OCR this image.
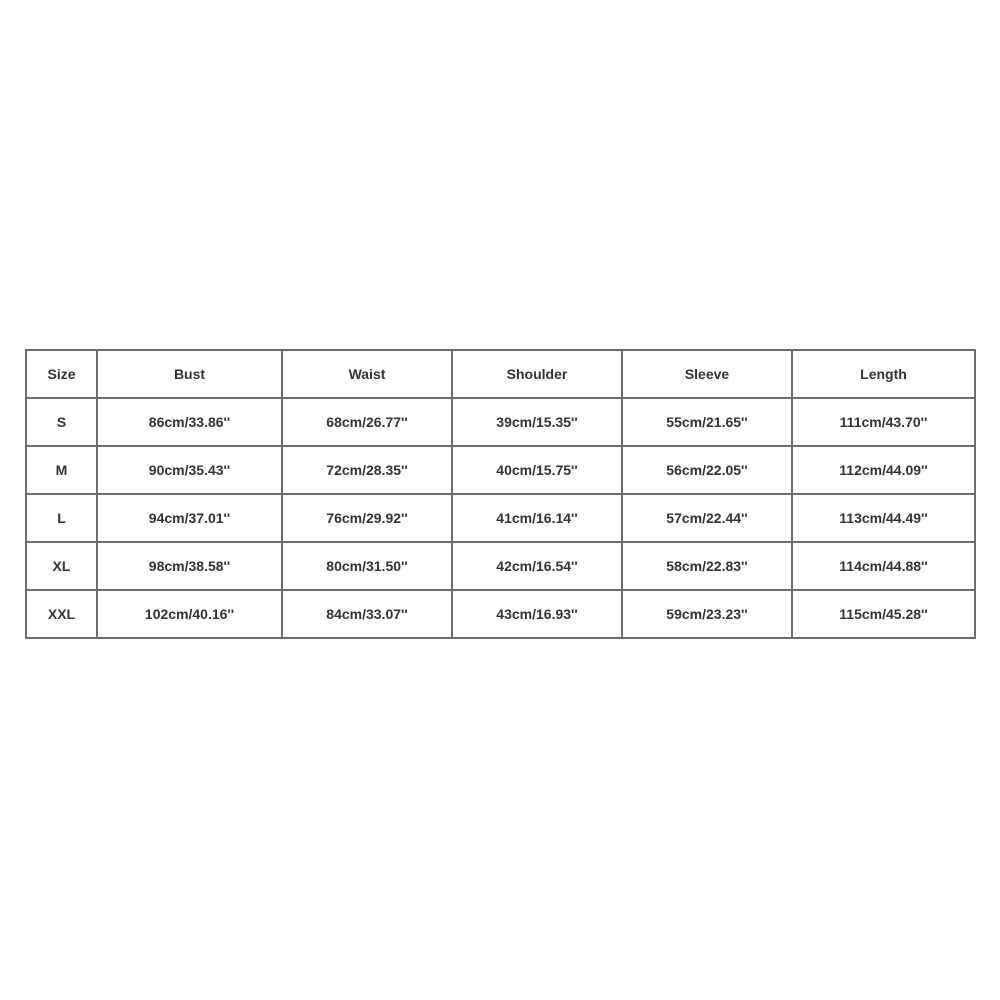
Size	Bust	Waist	Shoulder	Sleeve	Length
S	86cm/33.86''	68cm/26.77''	39cm/15.35''	55cm/21.65''	111cm/43.70''
M	90cm/35.43''	72cm/28.35''	40cm/15.75''	56cm/22.05''	112cm/44.09''
L	94cm/37.01''	76cm/29.92''	41cm/16.14''	57cm/22.44''	113cm/44.49''
XL	98cm/38.58''	80cm/31.50''	42cm/16.54''	58cm/22.83''	114cm/44.88''
XXL	102cm/40.16''	84cm/33.07''	43cm/16.93''	59cm/23.23''	115cm/45.28''
